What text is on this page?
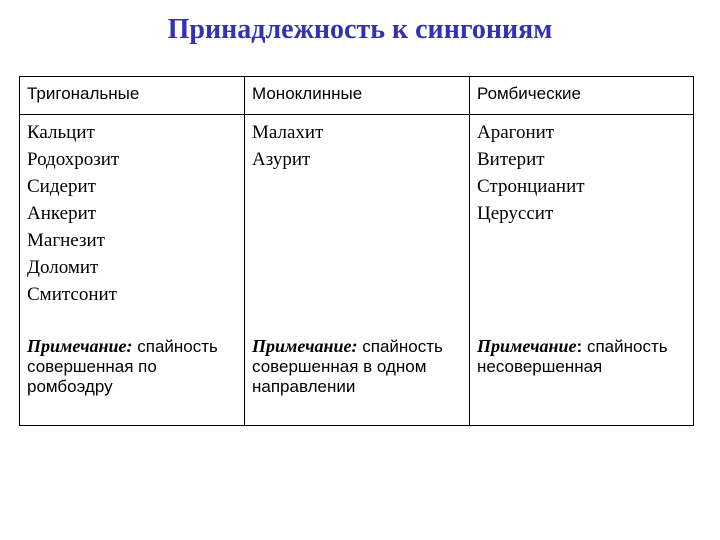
Принадлежность к сингониям
Тригональные	Моноклинные	Ромбические
Кальцит
Родохрозит
Сидерит
Анкерит
Магнезит
Доломит
Смитсонит
Примечание: спайность совершенная по ромбоэдру
Малахит
Азурит
Примечание: спайность совершенная в одном направлении
Арагонит
Витерит
Стронцианит
Церуссит
Примечание: спайность несовершенная
